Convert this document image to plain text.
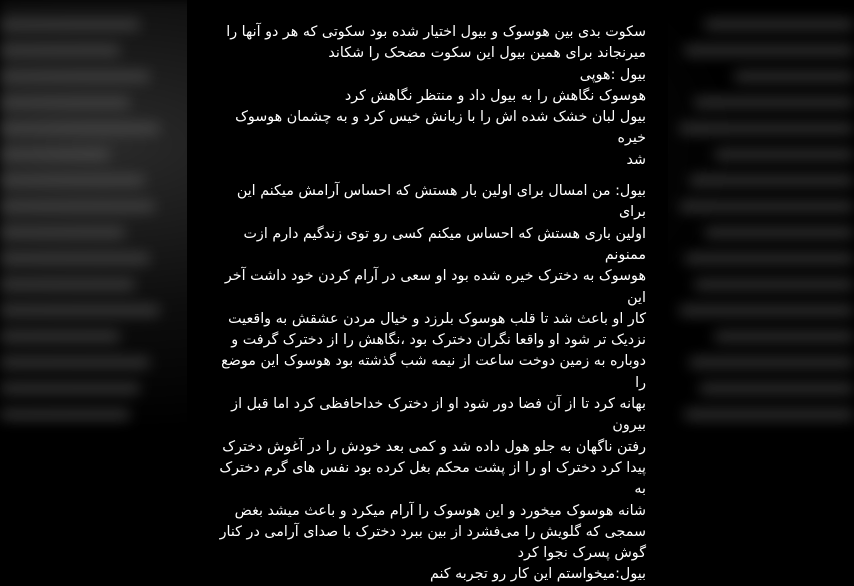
سکوت بدی بین هوسوک و بیول اختیار شده بود سکوتی که هر دو آنها را

میرنجاند برای همین بیول این سکوت مضحک را شکاند

بیول :هوپی

هوسوک نگاهش را به بیول داد و منتظر نگاهش کرد

بیول لبان خشک شده اش را با زبانش خیس کرد و به چشمان هوسوک خیره

شد

بیول: من امسال برای اولین بار هستش که احساس آرامش میکنم این برای

اولین باری هستش که احساس میکنم کسی رو توی زندگیم دارم ازت ممنونم

هوسوک به دخترک خیره شده بود او سعی در آرام کردن خود داشت آخر این

کار او باعث شد تا قلب هوسوک بلرزد و خیال مردن عشقش به واقعیت

نزدیک تر شود او واقعا نگران دخترک بود ،نگاهش را از دخترک گرفت و

دوباره به زمین دوخت ساعت از نیمه شب گذشته بود هوسوک این موضع را

بهانه کرد تا از آن فضا دور شود او از دخترک خداحافظی کرد اما قبل از بیرون

رفتن ناگهان به جلو هول داده شد و کمی بعد خودش را در آغوش دخترک

پیدا کرد دخترک او را از پشت محکم بغل کرده بود نفس های گرم دخترک به

شانه هوسوک میخورد و این هوسوک را آرام میکرد و باعث میشد بغض

سمجی که گلویش را می‌فشرد از بین ببرد دخترک با صدای آرامی در کنار

گوش پسرک نجوا کرد

بیول:میخواستم این کار رو تجربه کنم
